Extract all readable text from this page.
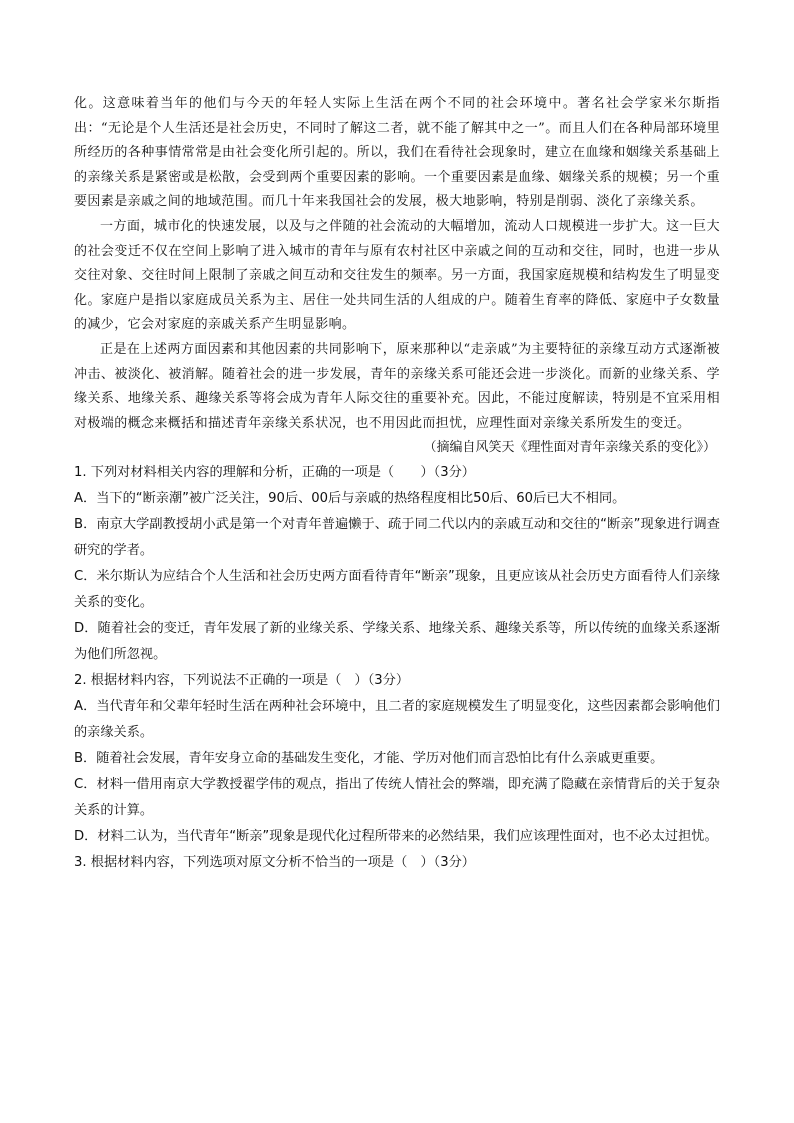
化。这意味着当年的他们与今天的年轻人实际上生活在两个不同的社会环境中。著名社会学家米尔斯指出：“无论是个人生活还是社会历史，不同时了解这二者，就不能了解其中之一”。而且人们在各种局部环境里所经历的各种事情常常是由社会变化所引起的。所以，我们在看待社会现象时，建立在血缘和姻缘关系基础上的亲缘关系是紧密或是松散，会受到两个重要因素的影响。一个重要因素是血缘、姻缘关系的规模；另一个重要因素是亲戚之间的地域范围。而几十年来我国社会的发展，极大地影响，特别是削弱、淡化了亲缘关系。

一方面，城市化的快速发展，以及与之伴随的社会流动的大幅增加，流动人口规模进一步扩大。这一巨大的社会变迁不仅在空间上影响了进入城市的青年与原有农村社区中亲戚之间的互动和交往，同时，也进一步从交往对象、交往时间上限制了亲戚之间互动和交往发生的频率。另一方面，我国家庭规模和结构发生了明显变化。家庭户是指以家庭成员关系为主、居住一处共同生活的人组成的户。随着生育率的降低、家庭中子女数量的减少，它会对家庭的亲戚关系产生明显影响。

正是在上述两方面因素和其他因素的共同影响下，原来那种以“走亲戚”为主要特征的亲缘互动方式逐渐被冲击、被淡化、被消解。随着社会的进一步发展，青年的亲缘关系可能还会进一步淡化。而新的业缘关系、学缘关系、地缘关系、趣缘关系等将会成为青年人际交往的重要补充。因此，不能过度解读，特别是不宜采用相对极端的概念来概括和描述青年亲缘关系状况，也不用因此而担忧，应理性面对亲缘关系所发生的变迁。

（摘编自风笑天《理性面对青年亲缘关系的变化》）

1. 下列对材料相关内容的理解和分析，正确的一项是（　　）（3分）

A．当下的“断亲潮”被广泛关注，90后、00后与亲戚的热络程度相比50后、60后已大不相同。

B．南京大学副教授胡小武是第一个对青年普遍懒于、疏于同二代以内的亲戚互动和交往的“断亲”现象进行调查研究的学者。

C．米尔斯认为应结合个人生活和社会历史两方面看待青年“断亲”现象，且更应该从社会历史方面看待人们亲缘关系的变化。

D．随着社会的变迁，青年发展了新的业缘关系、学缘关系、地缘关系、趣缘关系等，所以传统的血缘关系逐渐为他们所忽视。

2. 根据材料内容，下列说法不正确的一项是（　）（3分）

A．当代青年和父辈年轻时生活在两种社会环境中，且二者的家庭规模发生了明显变化，这些因素都会影响他们的亲缘关系。

B．随着社会发展，青年安身立命的基础发生变化，才能、学历对他们而言恐怕比有什么亲戚更重要。

C．材料一借用南京大学教授翟学伟的观点，指出了传统人情社会的弊端，即充满了隐藏在亲情背后的关于复杂关系的计算。

D．材料二认为，当代青年“断亲”现象是现代化过程所带来的必然结果，我们应该理性面对，也不必太过担忧。

3. 根据材料内容，下列选项对原文分析不恰当的一项是（　）（3分）
